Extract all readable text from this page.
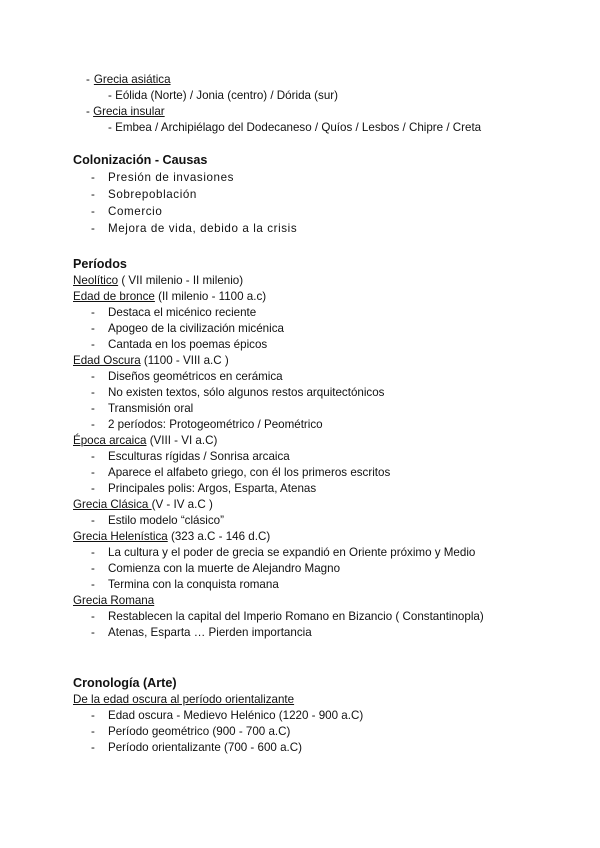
- Grecia asiática
- Eólida (Norte) / Jonia (centro) / Dórida (sur)
- Grecia insular
- Embea / Archipiélago del Dodecaneso / Quíos / Lesbos / Chipre / Creta
Colonización - Causas
- Presión de invasiones
- Sobrepoblación
- Comercio
- Mejora de vida, debido a la crisis
Períodos
Neolítico ( VII milenio - II milenio)
Edad de bronce (II milenio - 1100 a.c)
- Destaca el micénico reciente
- Apogeo de la civilización micénica
- Cantada en los poemas épicos
Edad Oscura (1100 - VIII a.C )
- Diseños geométricos en cerámica
- No existen textos, sólo algunos restos arquitectónicos
- Transmisión oral
- 2 períodos: Protogeométrico / Peométrico
Época arcaica (VIII - VI a.C)
- Esculturas rígidas / Sonrisa arcaica
- Aparece el alfabeto griego, con él los primeros escritos
- Principales polis: Argos, Esparta, Atenas
Grecia Clásica (V - IV a.C )
- Estilo modelo “clásico”
Grecia Helenística (323 a.C - 146 d.C)
- La cultura y el poder de grecia se expandió en Oriente próximo y Medio
- Comienza con la muerte de Alejandro Magno
- Termina con la conquista romana
Grecia Romana
- Restablecen la capital del Imperio Romano en Bizancio ( Constantinopla)
- Atenas, Esparta … Pierden importancia
Cronología (Arte)
De la edad oscura al período orientalizante
- Edad oscura - Medievo Helénico (1220 - 900 a.C)
- Período geométrico (900 - 700 a.C)
- Período orientalizante (700 - 600 a.C)
